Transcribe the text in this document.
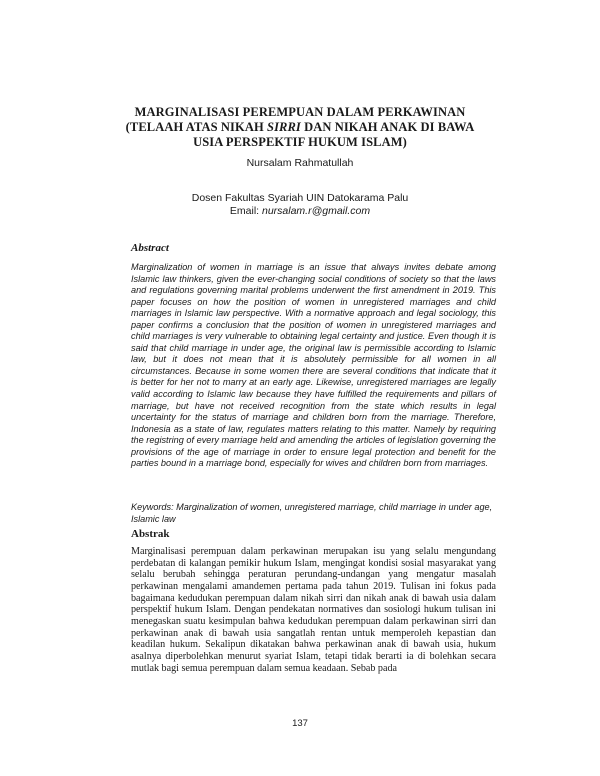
MARGINALISASI PEREMPUAN DALAM PERKAWINAN (TELAAH ATAS NIKAH SIRRI DAN NIKAH ANAK DI BAWA USIA PERSPEKTIF HUKUM ISLAM)
Nursalam Rahmatullah
Dosen Fakultas Syariah UIN Datokarama Palu
Email: nursalam.r@gmail.com
Abstract

Marginalization of women in marriage is an issue that always invites debate among Islamic law thinkers, given the ever-changing social conditions of society so that the laws and regulations governing marital problems underwent the first amendment in 2019. This paper focuses on how the position of women in unregistered marriages and child marriages in Islamic law perspective. With a normative approach and legal sociology, this paper confirms a conclusion that the position of women in unregistered marriages and child marriages is very vulnerable to obtaining legal certainty and justice. Even though it is said that child marriage in under age, the original law is permissible according to Islamic law, but it does not mean that it is absolutely permissible for all women in all circumstances. Because in some women there are several conditions that indicate that it is better for her not to marry at an early age. Likewise, unregistered marriages are legally valid according to Islamic law because they have fulfilled the requirements and pillars of marriage, but have not received recognition from the state which results in legal uncertainty for the status of marriage and children born from the marriage. Therefore, Indonesia as a state of law, regulates matters relating to this matter. Namely by requiring the registring of every marriage held and amending the articles of legislation governing the provisions of the age of marriage in order to ensure legal protection and benefit for the parties bound in a marriage bond, especially for wives and children born from marriages.

Keywords: Marginalization of women, unregistered marriage, child marriage in under age, Islamic law

Abstrak

Marginalisasi perempuan dalam perkawinan merupakan isu yang selalu mengundang perdebatan di kalangan pemikir hukum Islam, mengingat kondisi sosial masyarakat yang selalu berubah sehingga peraturan perundang-undangan yang mengatur masalah perkawinan mengalami amandemen pertama pada tahun 2019. Tulisan ini fokus pada bagaimana kedudukan perempuan dalam nikah sirri dan nikah anak di bawah usia dalam perspektif hukum Islam. Dengan pendekatan normatives dan sosiologi hukum tulisan ini menegaskan suatu kesimpulan bahwa kedudukan perempuan dalam perkawinan sirri dan perkawinan anak di bawah usia sangatlah rentan untuk memperoleh kepastian dan keadilan hukum. Sekalipun dikatakan bahwa perkawinan anak di bawah usia, hukum asalnya diperbolehkan menurut syariat Islam, tetapi tidak berarti ia di bolehkan secara mutlak bagi semua perempuan dalam semua keadaan. Sebab pada

137
